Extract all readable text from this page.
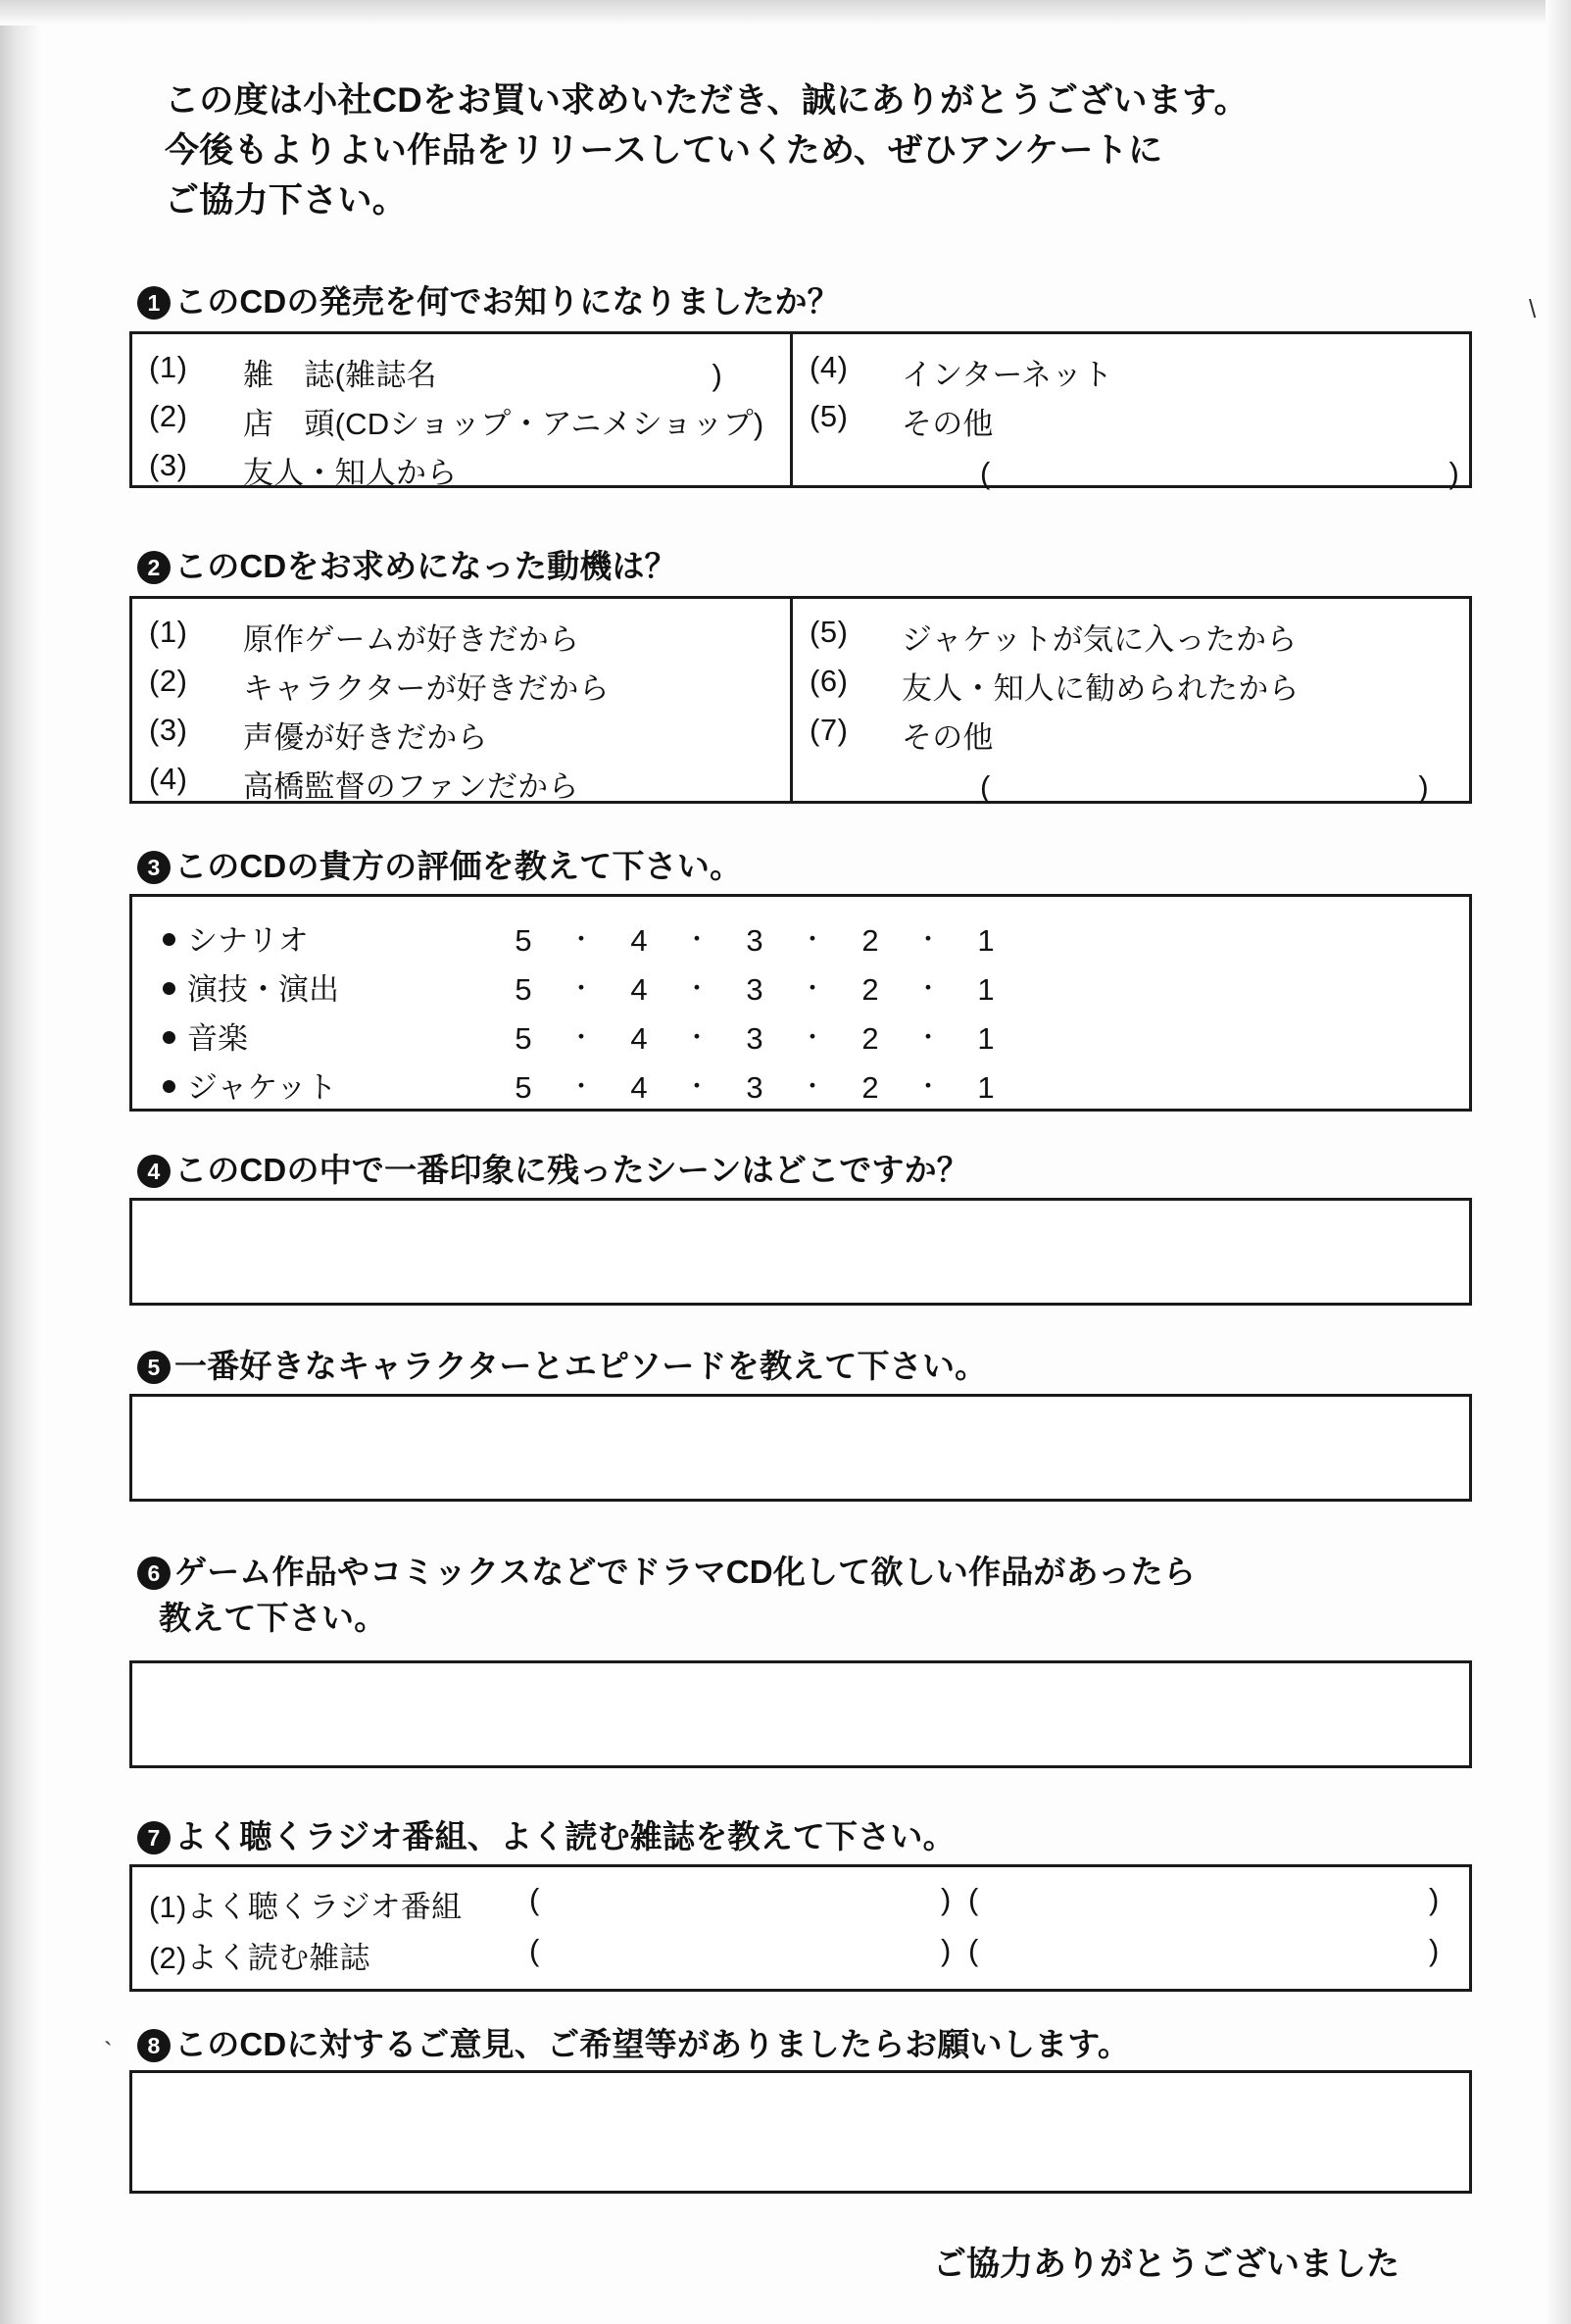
この度は小社CDをお買い求めいただき、誠にありがとうございます。
今後もよりよい作品をリリースしていくため、ぜひアンケートに
ご協力下さい。
1 このCDの発売を何でお知りになりましたか？
(1) 雑　誌(雑誌名　　　　　　　　　)
(2) 店　頭(CDショップ・アニメショップ)
(3) 友人・知人から
(4) インターネット
(5) その他
(　　　　　　　　　　　　　　　)
2 このCDをお求めになった動機は？
(1) 原作ゲームが好きだから
(2) キャラクターが好きだから
(3) 声優が好きだから
(4) 高橋監督のファンだから
(5) ジャケットが気に入ったから
(6) 友人・知人に勧められたから
(7) その他
(　　　　　　　　　　　　　　)
3 このCDの貴方の評価を教えて下さい。
シナリオ	5 ・ 4 ・ 3 ・ 2 ・ 1
演技・演出	5 ・ 4 ・ 3 ・ 2 ・ 1
音楽	5 ・ 4 ・ 3 ・ 2 ・ 1
ジャケット	5 ・ 4 ・ 3 ・ 2 ・ 1
4 このCDの中で一番印象に残ったシーンはどこですか？
5 一番好きなキャラクターとエピソードを教えて下さい。
6 ゲーム作品やコミックスなどでドラマCD化して欲しい作品があったら
教えて下さい。
7 よく聴くラジオ番組、よく読む雑誌を教えて下さい。
(1)よく聴くラジオ番組 (	) (	)
(2)よく読む雑誌	(	) (	)
8 このCDに対するご意見、ご希望等がありましたらお願いします。
`
\
ご協力ありがとうございました
